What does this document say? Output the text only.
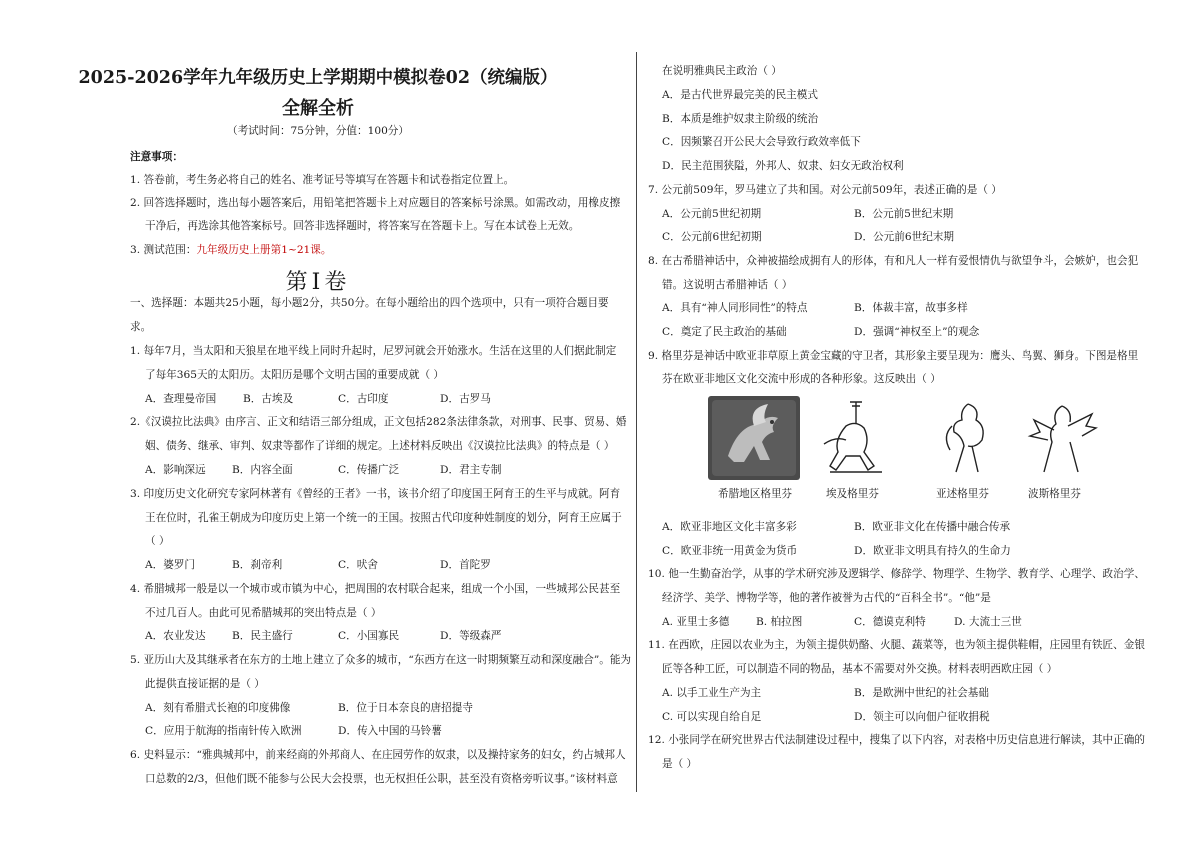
2025-2026学年九年级历史上学期期中模拟卷02（统编版）
全解全析
（考试时间：75分钟，分值：100分）
注意事项：
1. 答卷前，考生务必将自己的姓名、准考证号等填写在答题卡和试卷指定位置上。
2. 回答选择题时，选出每小题答案后，用铅笔把答题卡上对应题目的答案标号涂黑。如需改动，用橡皮擦
干净后，再选涂其他答案标号。回答非选择题时，将答案写在答题卡上。写在本试卷上无效。
3. 测试范围：九年级历史上册第1~21课。
第Ⅰ卷
一、选择题：本题共25小题，每小题2分，共50分。在每小题给出的四个选项中，只有一项符合题目要
求。
1. 每年7月，当太阳和天狼星在地平线上同时升起时，尼罗河就会开始涨水。生活在这里的人们据此制定
了每年365天的太阳历。太阳历是哪个文明古国的重要成就（ ）
A．查理曼帝国	B．古埃及	C．古印度	D．古罗马
2.《汉谟拉比法典》由序言、正文和结语三部分组成，正文包括282条法律条款，对刑事、民事、贸易、婚
姻、债务、继承、审判、奴隶等都作了详细的规定。上述材料反映出《汉谟拉比法典》的特点是（ ）
A．影响深远 B．内容全面	C．传播广泛	D．君主专制
3. 印度历史文化研究专家阿林著有《曾经的王者》一书，该书介绍了印度国王阿育王的生平与成就。阿育
王在位时，孔雀王朝成为印度历史上第一个统一的王国。按照古代印度种姓制度的划分，阿育王应属于
（ ）
A．婆罗门	B．刹帝利	C．吠舍	D．首陀罗
4. 希腊城邦一般是以一个城市或市镇为中心，把周围的农村联合起来，组成一个小国，一些城邦公民甚至
不过几百人。由此可见希腊城邦的突出特点是（ ）
A．农业发达 B．民主盛行	C．小国寡民	D．等级森严
5. 亚历山大及其继承者在东方的土地上建立了众多的城市，“东西方在这一时期频繁互动和深度融合”。能为
此提供直接证据的是（ ）
A．刻有希腊式长袍的印度佛像	B．位于日本奈良的唐招提寺
C．应用于航海的指南针传入欧洲	D．传入中国的马铃薯
6. 史料显示：“雅典城邦中，前来经商的外邦商人、在庄园劳作的奴隶，以及操持家务的妇女，约占城邦人
口总数的2/3，但他们既不能参与公民大会投票，也无权担任公职，甚至没有资格旁听议事。”该材料意
在说明雅典民主政治（ ）
A．是古代世界最完美的民主模式
B．本质是维护奴隶主阶级的统治
C．因频繁召开公民大会导致行政效率低下
D．民主范围狭隘，外邦人、奴隶、妇女无政治权利
7. 公元前509年，罗马建立了共和国。对公元前509年，表述正确的是（ ）
A．公元前5世纪初期	B．公元前5世纪末期
C．公元前6世纪初期	D．公元前6世纪末期
8. 在古希腊神话中，众神被描绘成拥有人的形体，有和凡人一样有爱恨情仇与欲望争斗，会嫉妒，也会犯
错。这说明古希腊神话（ ）
A．具有“神人同形同性”的特点	B．体裁丰富，故事多样
C．奠定了民主政治的基础	D．强调“神权至上”的观念
9. 格里芬是神话中欧亚非草原上黄金宝藏的守卫者，其形象主要呈现为：鹰头、鸟翼、狮身。下图是格里
芬在欧亚非地区文化交流中形成的各种形象。这反映出（ ）
希腊地区格里芬	埃及格里芬	亚述格里芬	波斯格里芬
A．欧亚非地区文化丰富多彩	B．欧亚非文化在传播中融合传承
C．欧亚非统一用黄金为货币	D．欧亚非文明具有持久的生命力
10. 他一生勤奋治学，从事的学术研究涉及逻辑学、修辞学、物理学、生物学、教育学、心理学、政治学、
经济学、美学、博物学等，他的著作被誉为古代的“百科全书”。“他”是
A. 亚里士多德	B. 柏拉图	C．德谟克利特	D. 大流士三世
11. 在西欧，庄园以农业为主，为领主提供奶酪、火腿、蔬菜等，也为领主提供鞋帽，庄园里有铁匠、金银
匠等各种工匠，可以制造不同的物品，基本不需要对外交换。材料表明西欧庄园（ ）
A. 以手工业生产为主	B．是欧洲中世纪的社会基础
C. 可以实现自给自足	D．领主可以向佃户征收捐税
12. 小张同学在研究世界古代法制建设过程中，搜集了以下内容，对表格中历史信息进行解读，其中正确的
是（ ）
